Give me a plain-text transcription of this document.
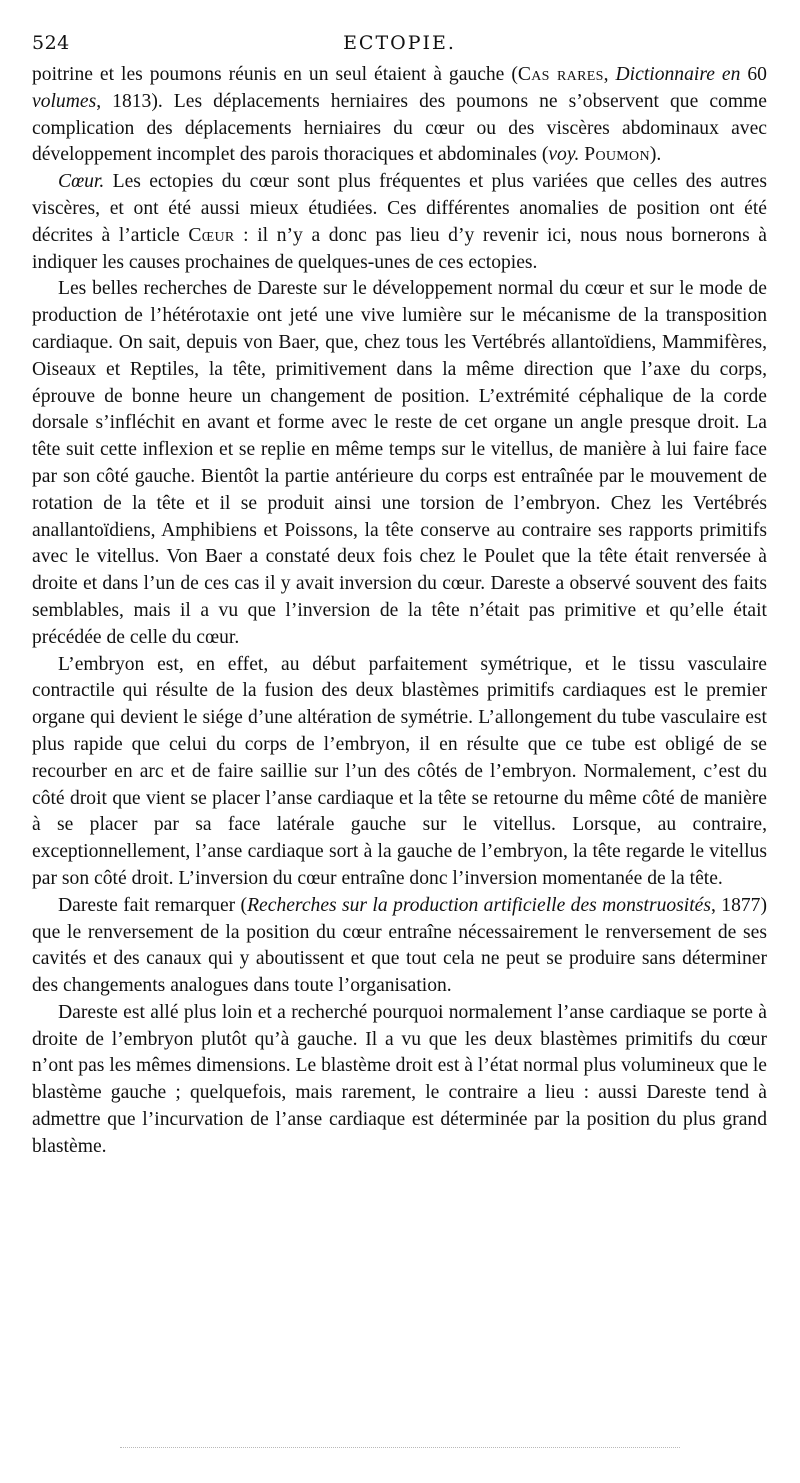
524	ECTOPIE.

poitrine et les poumons réunis en un seul étaient à gauche (Cas rares, Dictionnaire en 60 volumes, 1813). Les déplacements herniaires des poumons ne s’observent que comme complication des déplacements herniaires du cœur ou des viscères abdominaux avec développement incomplet des parois thoraciques et abdominales (voy. Poumon).

Cœur. Les ectopies du cœur sont plus fréquentes et plus variées que celles des autres viscères, et ont été aussi mieux étudiées. Ces différentes anomalies de position ont été décrites à l’article Cœur : il n’y a donc pas lieu d’y revenir ici, nous nous bornerons à indiquer les causes prochaines de quelques-unes de ces ectopies.

Les belles recherches de Dareste sur le développement normal du cœur et sur le mode de production de l’hétérotaxie ont jeté une vive lumière sur le mécanisme de la transposition cardiaque. On sait, depuis von Baer, que, chez tous les Vertébrés allantoïdiens, Mammifères, Oiseaux et Reptiles, la tête, primitivement dans la même direction que l’axe du corps, éprouve de bonne heure un changement de position. L’extrémité céphalique de la corde dorsale s’infléchit en avant et forme avec le reste de cet organe un angle presque droit. La tête suit cette inflexion et se replie en même temps sur le vitellus, de manière à lui faire face par son côté gauche. Bientôt la partie antérieure du corps est entraînée par le mouvement de rotation de la tête et il se produit ainsi une torsion de l’embryon. Chez les Vertébrés anallantoïdiens, Amphibiens et Poissons, la tête conserve au contraire ses rapports primitifs avec le vitellus. Von Baer a constaté deux fois chez le Poulet que la tête était renversée à droite et dans l’un de ces cas il y avait inversion du cœur. Dareste a observé souvent des faits semblables, mais il a vu que l’inversion de la tête n’était pas primitive et qu’elle était précédée de celle du cœur.

L’embryon est, en effet, au début parfaitement symétrique, et le tissu vasculaire contractile qui résulte de la fusion des deux blastèmes primitifs cardiaques est le premier organe qui devient le siége d’une altération de symétrie. L’allongement du tube vasculaire est plus rapide que celui du corps de l’embryon, il en résulte que ce tube est obligé de se recourber en arc et de faire saillie sur l’un des côtés de l’embryon. Normalement, c’est du côté droit que vient se placer l’anse cardiaque et la tête se retourne du même côté de manière à se placer par sa face latérale gauche sur le vitellus. Lorsque, au contraire, exceptionnellement, l’anse cardiaque sort à la gauche de l’embryon, la tête regarde le vitellus par son côté droit. L’inversion du cœur entraîne donc l’inversion momentanée de la tête.

Dareste fait remarquer (Recherches sur la production artificielle des monstruosités, 1877) que le renversement de la position du cœur entraîne nécessairement le renversement de ses cavités et des canaux qui y aboutissent et que tout cela ne peut se produire sans déterminer des changements analogues dans toute l’organisation.

Dareste est allé plus loin et a recherché pourquoi normalement l’anse cardiaque se porte à droite de l’embryon plutôt qu’à gauche. Il a vu que les deux blastèmes primitifs du cœur n’ont pas les mêmes dimensions. Le blastème droit est à l’état normal plus volumineux que le blastème gauche ; quelquefois, mais rarement, le contraire a lieu : aussi Dareste tend à admettre que l’incurvation de l’anse cardiaque est déterminée par la position du plus grand blastème.
